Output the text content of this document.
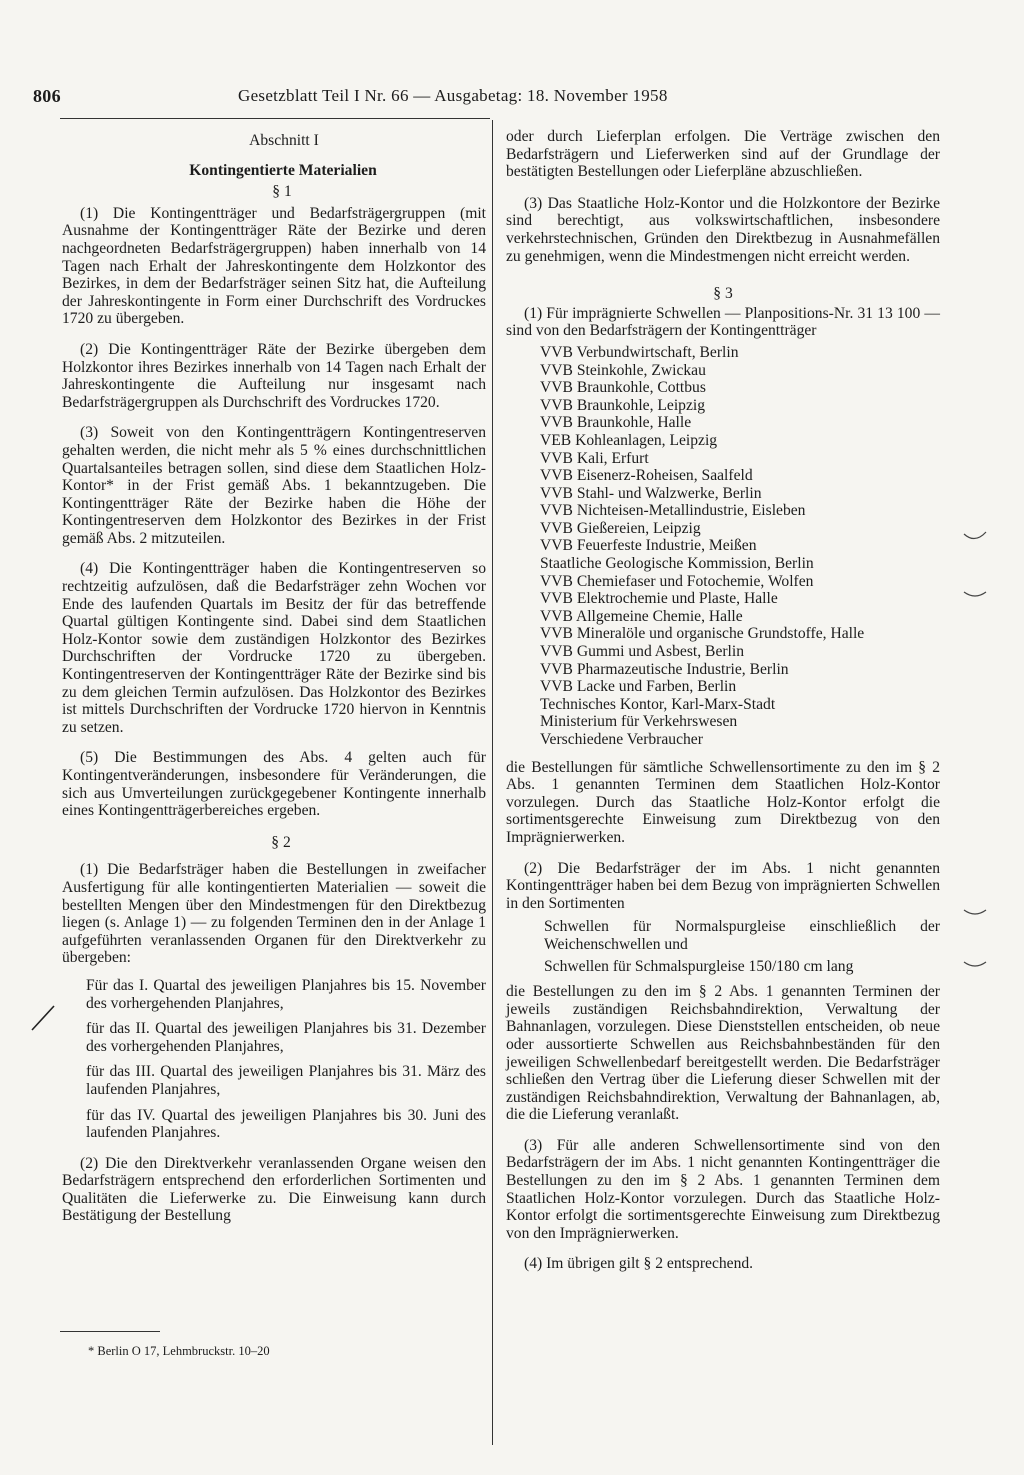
806	Gesetzblatt Teil I Nr. 66 — Ausgabetag: 18. November 1958

Abschnitt I

Kontingentierte Materialien

§ 1

(1) Die Kontingentträger und Bedarfsträgergruppen (mit Ausnahme der Kontingentträger Räte der Bezirke und deren nachgeordneten Bedarfsträgergruppen) haben innerhalb von 14 Tagen nach Erhalt der Jahreskontingente dem Holzkontor des Bezirkes, in dem der Bedarfsträger seinen Sitz hat, die Aufteilung der Jahreskontingente in Form einer Durchschrift des Vordruckes 1720 zu übergeben.

(2) Die Kontingentträger Räte der Bezirke übergeben dem Holzkontor ihres Bezirkes innerhalb von 14 Tagen nach Erhalt der Jahreskontingente die Aufteilung nur insgesamt nach Bedarfsträgergruppen als Durchschrift des Vordruckes 1720.

(3) Soweit von den Kontingentträgern Kontingentreserven gehalten werden, die nicht mehr als 5 % eines durchschnittlichen Quartalsanteiles betragen sollen, sind diese dem Staatlichen Holz-Kontor* in der Frist gemäß Abs. 1 bekanntzugeben. Die Kontingentträger Räte der Bezirke haben die Höhe der Kontingentreserven dem Holzkontor des Bezirkes in der Frist gemäß Abs. 2 mitzuteilen.

(4) Die Kontingentträger haben die Kontingentreserven so rechtzeitig aufzulösen, daß die Bedarfsträger zehn Wochen vor Ende des laufenden Quartals im Besitz der für das betreffende Quartal gültigen Kontingente sind. Dabei sind dem Staatlichen Holz-Kontor sowie dem zuständigen Holzkontor des Bezirkes Durchschriften der Vordrucke 1720 zu übergeben. Kontingentreserven der Kontingentträger Räte der Bezirke sind bis zu dem gleichen Termin aufzulösen. Das Holzkontor des Bezirkes ist mittels Durchschriften der Vordrucke 1720 hiervon in Kenntnis zu setzen.

(5) Die Bestimmungen des Abs. 4 gelten auch für Kontingentveränderungen, insbesondere für Veränderungen, die sich aus Umverteilungen zurückgegebener Kontingente innerhalb eines Kontingentträgerbereiches ergeben.

§ 2

(1) Die Bedarfsträger haben die Bestellungen in zweifacher Ausfertigung für alle kontingentierten Materialien — soweit die bestellten Mengen über den Mindestmengen für den Direktbezug liegen (s. Anlage 1) — zu folgenden Terminen den in der Anlage 1 aufgeführten veranlassenden Organen für den Direktverkehr zu übergeben:

Für das I. Quartal des jeweiligen Planjahres bis 15. November des vorhergehenden Planjahres,

für das II. Quartal des jeweiligen Planjahres bis 31. Dezember des vorhergehenden Planjahres,

für das III. Quartal des jeweiligen Planjahres bis 31. März des laufenden Planjahres,

für das IV. Quartal des jeweiligen Planjahres bis 30. Juni des laufenden Planjahres.

(2) Die den Direktverkehr veranlassenden Organe weisen den Bedarfsträgern entsprechend den erforderlichen Sortimenten und Qualitäten die Lieferwerke zu. Die Einweisung kann durch Bestätigung der Bestellung

* Berlin O 17, Lehmbruckstr. 10–20

oder durch Lieferplan erfolgen. Die Verträge zwischen den Bedarfsträgern und Lieferwerken sind auf der Grundlage der bestätigten Bestellungen oder Lieferpläne abzuschließen.

(3) Das Staatliche Holz-Kontor und die Holzkontore der Bezirke sind berechtigt, aus volkswirtschaftlichen, insbesondere verkehrstechnischen, Gründen den Direktbezug in Ausnahmefällen zu genehmigen, wenn die Mindestmengen nicht erreicht werden.

§ 3

(1) Für imprägnierte Schwellen — Planpositions-Nr. 31 13 100 — sind von den Bedarfsträgern der Kontingentträger

VVB Verbundwirtschaft, Berlin
VVB Steinkohle, Zwickau
VVB Braunkohle, Cottbus
VVB Braunkohle, Leipzig
VVB Braunkohle, Halle
VEB Kohleanlagen, Leipzig
VVB Kali, Erfurt
VVB Eisenerz-Roheisen, Saalfeld
VVB Stahl- und Walzwerke, Berlin
VVB Nichteisen-Metallindustrie, Eisleben
VVB Gießereien, Leipzig
VVB Feuerfeste Industrie, Meißen
Staatliche Geologische Kommission, Berlin
VVB Chemiefaser und Fotochemie, Wolfen
VVB Elektrochemie und Plaste, Halle
VVB Allgemeine Chemie, Halle
VVB Mineralöle und organische Grundstoffe, Halle
VVB Gummi und Asbest, Berlin
VVB Pharmazeutische Industrie, Berlin
VVB Lacke und Farben, Berlin
Technisches Kontor, Karl-Marx-Stadt
Ministerium für Verkehrswesen
Verschiedene Verbraucher

die Bestellungen für sämtliche Schwellensortimente zu den im § 2 Abs. 1 genannten Terminen dem Staatlichen Holz-Kontor vorzulegen. Durch das Staatliche Holz-Kontor erfolgt die sortimentsgerechte Einweisung zum Direktbezug von den Imprägnierwerken.

(2) Die Bedarfsträger der im Abs. 1 nicht genannten Kontingentträger haben bei dem Bezug von imprägnierten Schwellen in den Sortimenten

Schwellen für Normalspurgleise einschließlich der Weichenschwellen und

Schwellen für Schmalspurgleise 150/180 cm lang

die Bestellungen zu den im § 2 Abs. 1 genannten Terminen der jeweils zuständigen Reichsbahndirektion, Verwaltung der Bahnanlagen, vorzulegen. Diese Dienststellen entscheiden, ob neue oder aussortierte Schwellen aus Reichsbahnbeständen für den jeweiligen Schwellenbedarf bereitgestellt werden. Die Bedarfsträger schließen den Vertrag über die Lieferung dieser Schwellen mit der zuständigen Reichsbahndirektion, Verwaltung der Bahnanlagen, ab, die die Lieferung veranlaßt.

(3) Für alle anderen Schwellensortimente sind von den Bedarfsträgern der im Abs. 1 nicht genannten Kontingentträger die Bestellungen zu den im § 2 Abs. 1 genannten Terminen dem Staatlichen Holz-Kontor vorzulegen. Durch das Staatliche Holz-Kontor erfolgt die sortimentsgerechte Einweisung zum Direktbezug von den Imprägnierwerken.

(4) Im übrigen gilt § 2 entsprechend.
